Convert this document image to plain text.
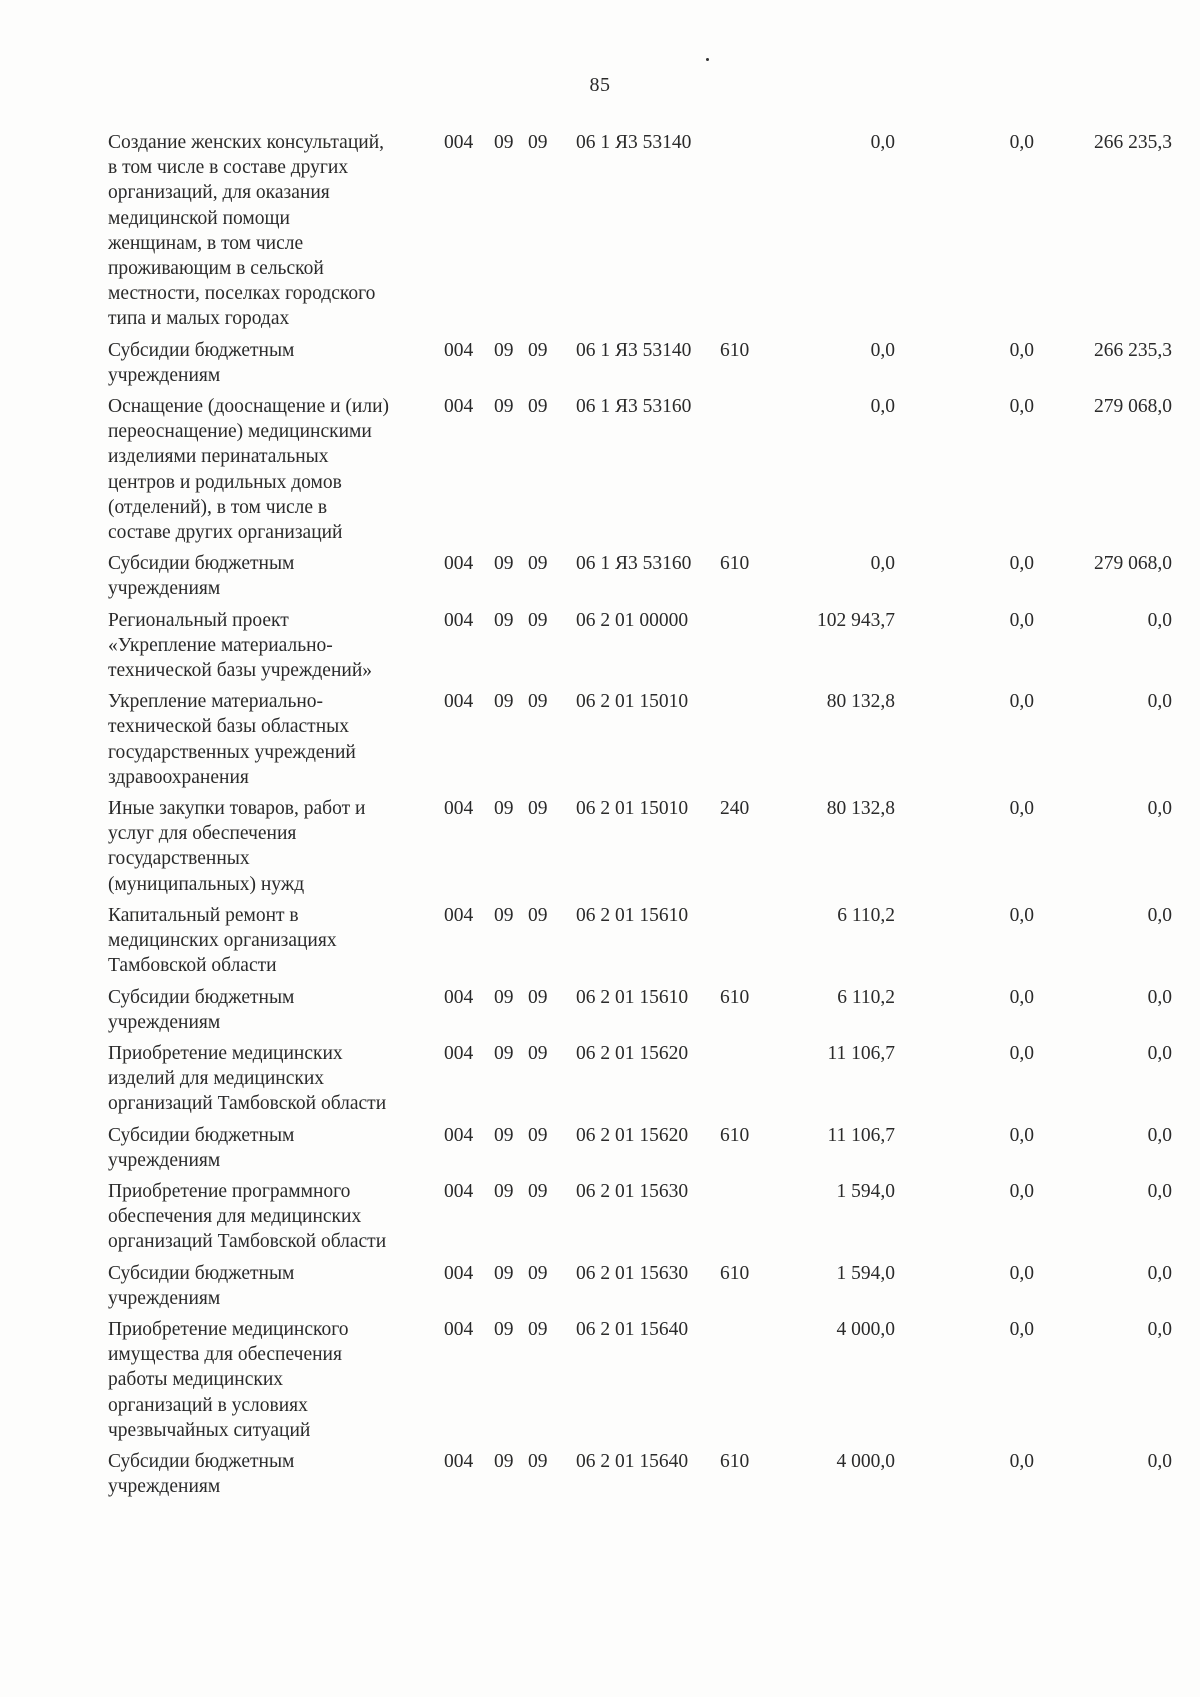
85
Создание женских консультаций,
в том числе в составе других
организаций, для оказания
медицинской помощи
женщинам, в том числе
проживающим в сельской
местности, поселках городского
типа и малых городах
004 09 09 06 1 Я3 53140	0,0	0,0	266 235,3
Субсидии бюджетным
учреждениям
004 09 09 06 1 Я3 53140 610	0,0	0,0	266 235,3
Оснащение (дооснащение и (или)
переоснащение) медицинскими
изделиями перинатальных
центров и родильных домов
(отделений), в том числе в
составе других организаций
004 09 09 06 1 Я3 53160	0,0	0,0	279 068,0
Субсидии бюджетным
учреждениям
004 09 09 06 1 Я3 53160 610	0,0	0,0	279 068,0
Региональный проект
«Укрепление материально-
технической базы учреждений»
004 09 09 06 2 01 00000	102 943,7	0,0	0,0
Укрепление материально-
технической базы областных
государственных учреждений
здравоохранения
004 09 09 06 2 01 15010	80 132,8	0,0	0,0
Иные закупки товаров, работ и
услуг для обеспечения
государственных
(муниципальных) нужд
004 09 09 06 2 01 15010 240	80 132,8	0,0	0,0
Капитальный ремонт в
медицинских организациях
Тамбовской области
004 09 09 06 2 01 15610	6 110,2	0,0	0,0
Субсидии бюджетным
учреждениям
004 09 09 06 2 01 15610 610	6 110,2	0,0	0,0
Приобретение медицинских
изделий для медицинских
организаций Тамбовской области
004 09 09 06 2 01 15620	11 106,7	0,0	0,0
Субсидии бюджетным
учреждениям
004 09 09 06 2 01 15620 610	11 106,7	0,0	0,0
Приобретение программного
обеспечения для медицинских
организаций Тамбовской области
004 09 09 06 2 01 15630	1 594,0	0,0	0,0
Субсидии бюджетным
учреждениям
004 09 09 06 2 01 15630 610	1 594,0	0,0	0,0
Приобретение медицинского
имущества для обеспечения
работы медицинских
организаций в условиях
чрезвычайных ситуаций
004 09 09 06 2 01 15640	4 000,0	0,0	0,0
Субсидии бюджетным
учреждениям
004 09 09 06 2 01 15640 610	4 000,0	0,0	0,0
